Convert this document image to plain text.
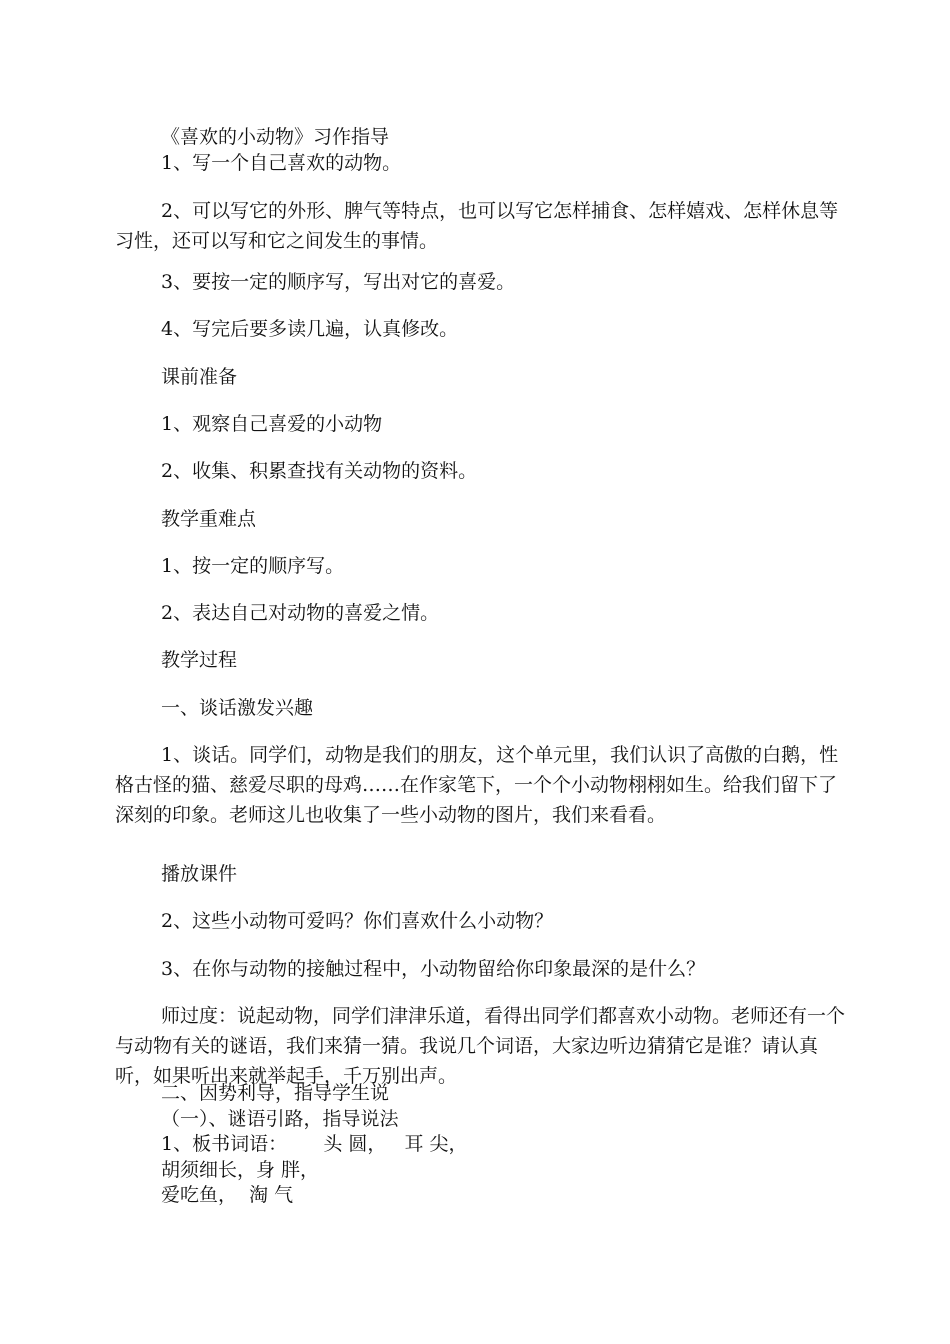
《喜欢的小动物》习作指导
1、写一个自己喜欢的动物。
2、可以写它的外形、脾气等特点，也可以写它怎样捕食、怎样嬉戏、怎样休息等习性，还可以写和它之间发生的事情。
3、要按一定的顺序写，写出对它的喜爱。
4、写完后要多读几遍，认真修改。
课前准备
1、观察自己喜爱的小动物
2、收集、积累查找有关动物的资料。
教学重难点
1、按一定的顺序写。
2、表达自己对动物的喜爱之情。
教学过程
一、谈话激发兴趣
1、谈话。同学们，动物是我们的朋友，这个单元里，我们认识了高傲的白鹅，性格古怪的猫、慈爱尽职的母鸡……在作家笔下，一个个小动物栩栩如生。给我们留下了深刻的印象。老师这儿也收集了一些小动物的图片，我们来看看。
播放课件
2、这些小动物可爱吗？你们喜欢什么小动物？
3、在你与动物的接触过程中，小动物留给你印象最深的是什么？
师过度：说起动物，同学们津津乐道，看得出同学们都喜欢小动物。老师还有一个与动物有关的谜语，我们来猜一猜。我说几个词语，大家边听边猜猜它是谁？请认真听，如果听出来就举起手，千万别出声。
二、因势利导，指导学生说
（一）、谜语引路，指导说法
1、板书词语：      头 圆，   耳 尖，
胡须细长，身 胖，
爱吃鱼，  淘 气
